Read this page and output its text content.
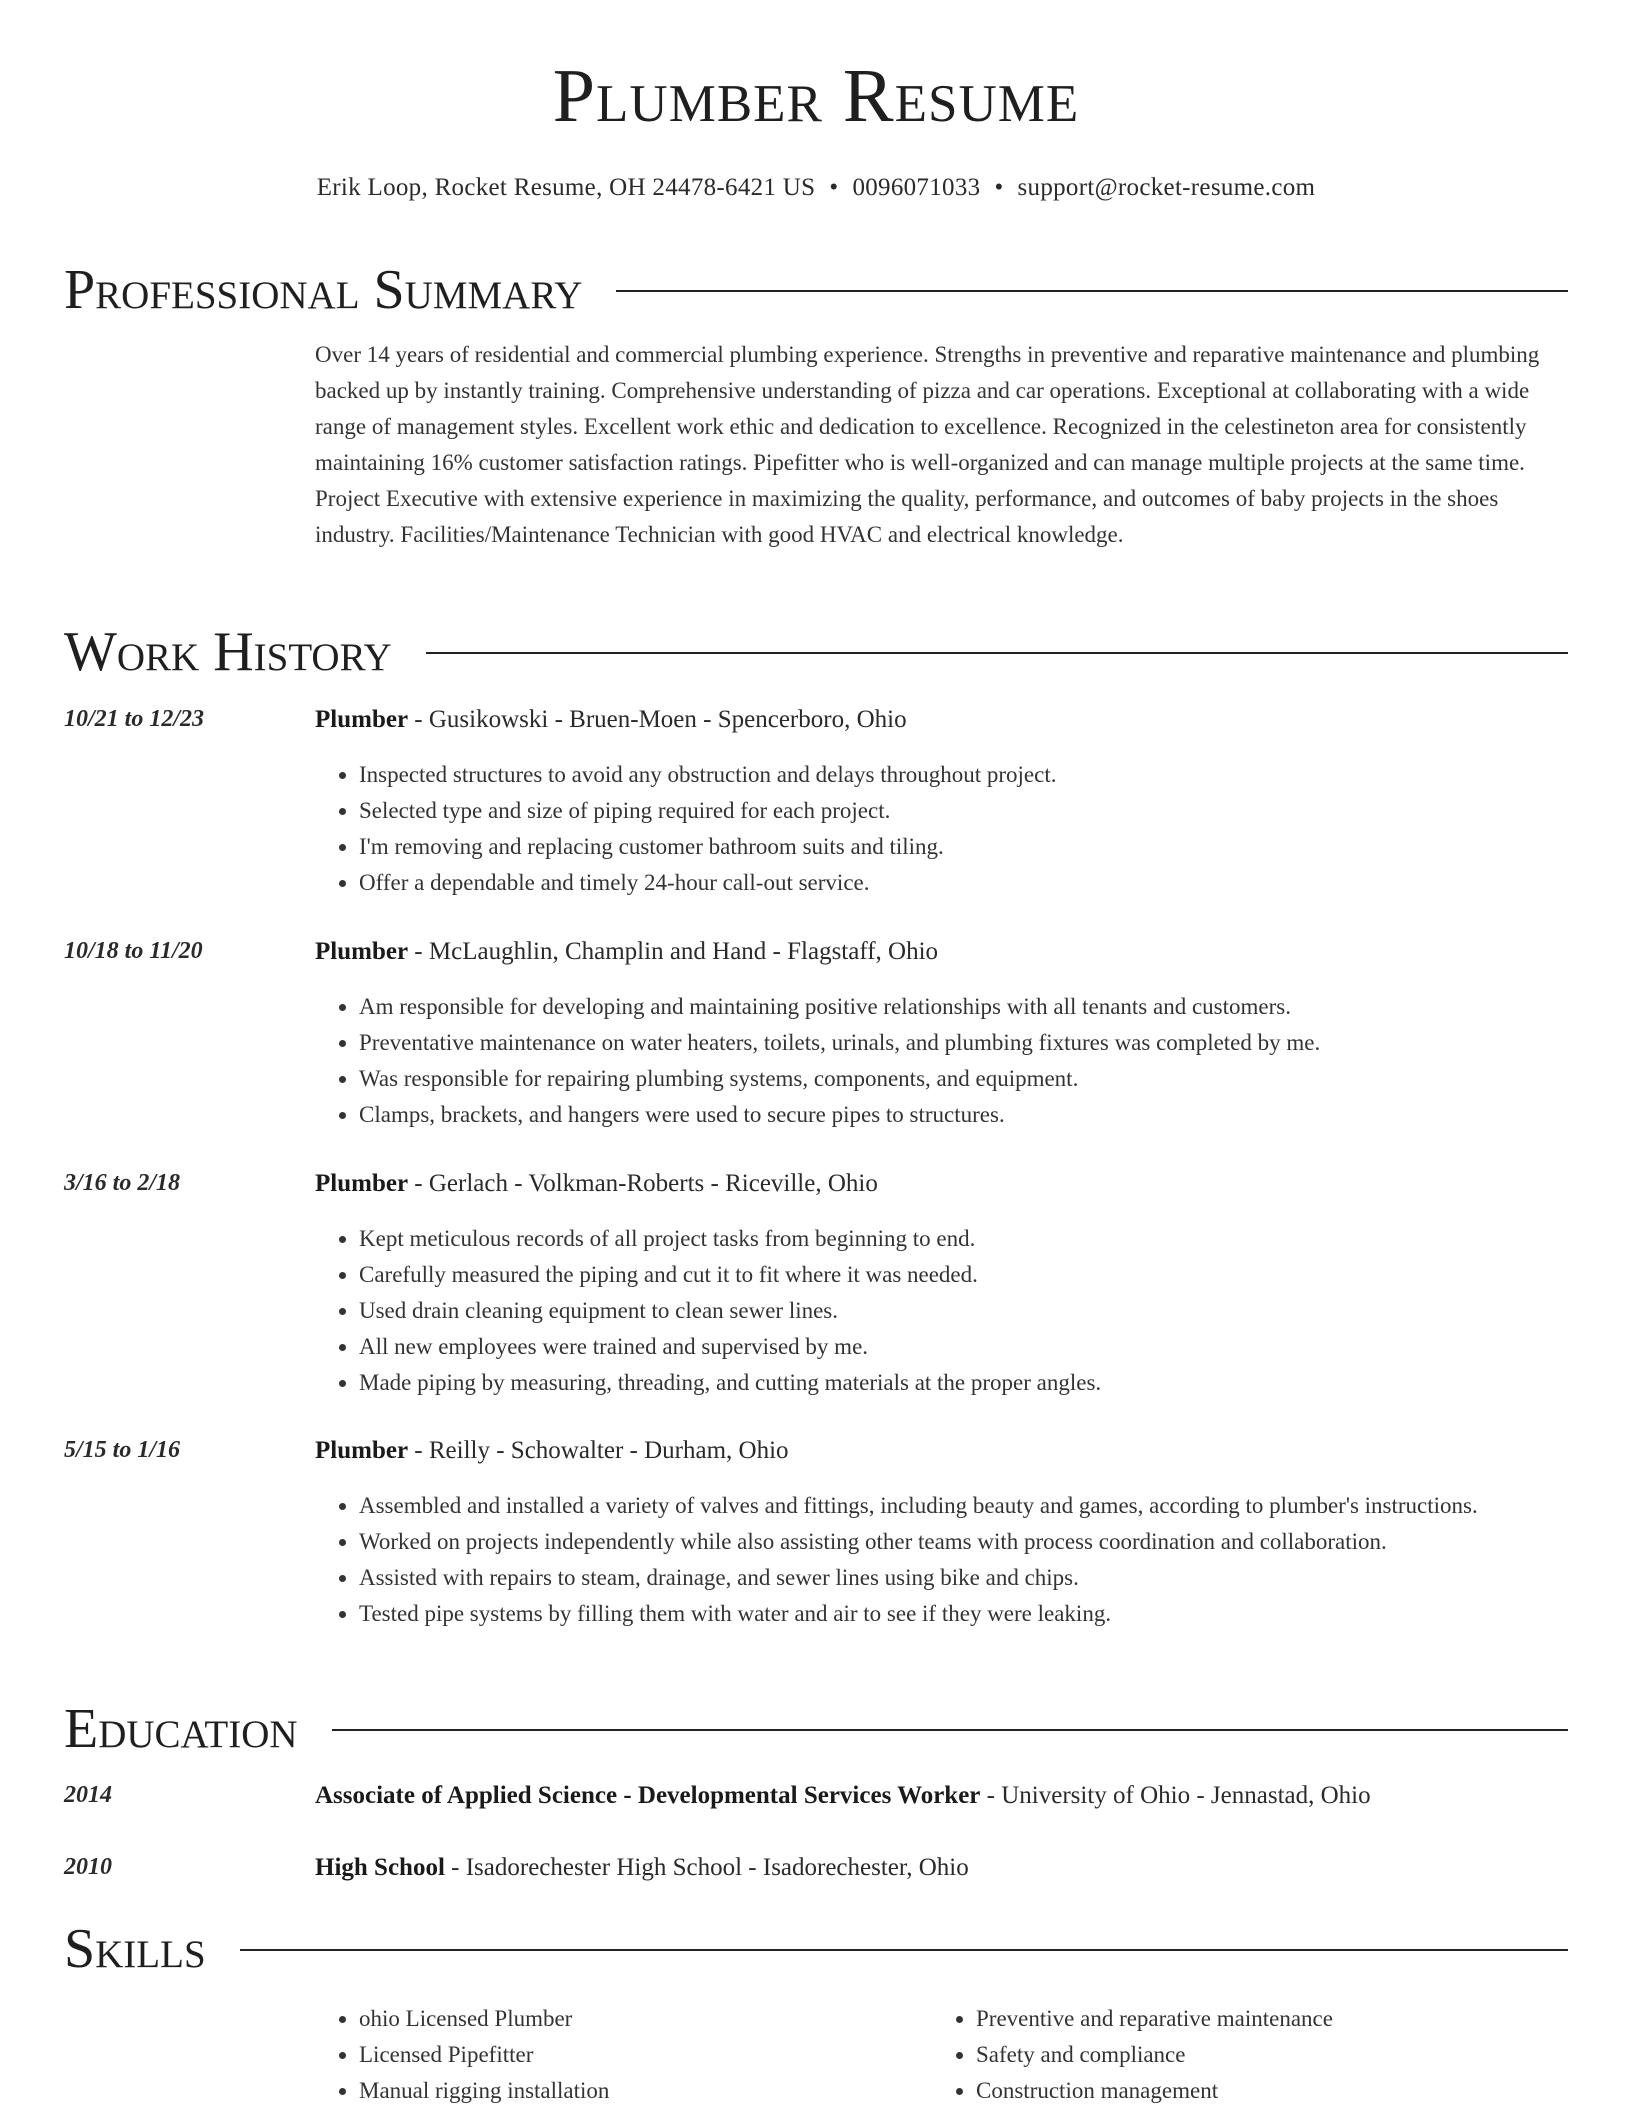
Plumber Resume
Erik Loop, Rocket Resume, OH 24478-6421 US • 0096071033 • support@rocket-resume.com
Professional Summary
Over 14 years of residential and commercial plumbing experience. Strengths in preventive and reparative maintenance and plumbing backed up by instantly training. Comprehensive understanding of pizza and car operations. Exceptional at collaborating with a wide range of management styles. Excellent work ethic and dedication to excellence. Recognized in the celestineton area for consistently maintaining 16% customer satisfaction ratings. Pipefitter who is well-organized and can manage multiple projects at the same time. Project Executive with extensive experience in maximizing the quality, performance, and outcomes of baby projects in the shoes industry. Facilities/Maintenance Technician with good HVAC and electrical knowledge.
Work History
10/21 to 12/23	Plumber - Gusikowski - Bruen-Moen - Spencerboro, Ohio
• Inspected structures to avoid any obstruction and delays throughout project.
• Selected type and size of piping required for each project.
• I'm removing and replacing customer bathroom suits and tiling.
• Offer a dependable and timely 24-hour call-out service.
10/18 to 11/20	Plumber - McLaughlin, Champlin and Hand - Flagstaff, Ohio
• Am responsible for developing and maintaining positive relationships with all tenants and customers.
• Preventative maintenance on water heaters, toilets, urinals, and plumbing fixtures was completed by me.
• Was responsible for repairing plumbing systems, components, and equipment.
• Clamps, brackets, and hangers were used to secure pipes to structures.
3/16 to 2/18	Plumber - Gerlach - Volkman-Roberts - Riceville, Ohio
• Kept meticulous records of all project tasks from beginning to end.
• Carefully measured the piping and cut it to fit where it was needed.
• Used drain cleaning equipment to clean sewer lines.
• All new employees were trained and supervised by me.
• Made piping by measuring, threading, and cutting materials at the proper angles.
5/15 to 1/16	Plumber - Reilly - Schowalter - Durham, Ohio
• Assembled and installed a variety of valves and fittings, including beauty and games, according to plumber's instructions.
• Worked on projects independently while also assisting other teams with process coordination and collaboration.
• Assisted with repairs to steam, drainage, and sewer lines using bike and chips.
• Tested pipe systems by filling them with water and air to see if they were leaking.
Education
2014	Associate of Applied Science - Developmental Services Worker - University of Ohio - Jennastad, Ohio
2010	High School - Isadorechester High School - Isadorechester, Ohio
Skills
• ohio Licensed Plumber
• Licensed Pipefitter
• Manual rigging installation
• Preventive and reparative maintenance
• Safety and compliance
• Construction management
